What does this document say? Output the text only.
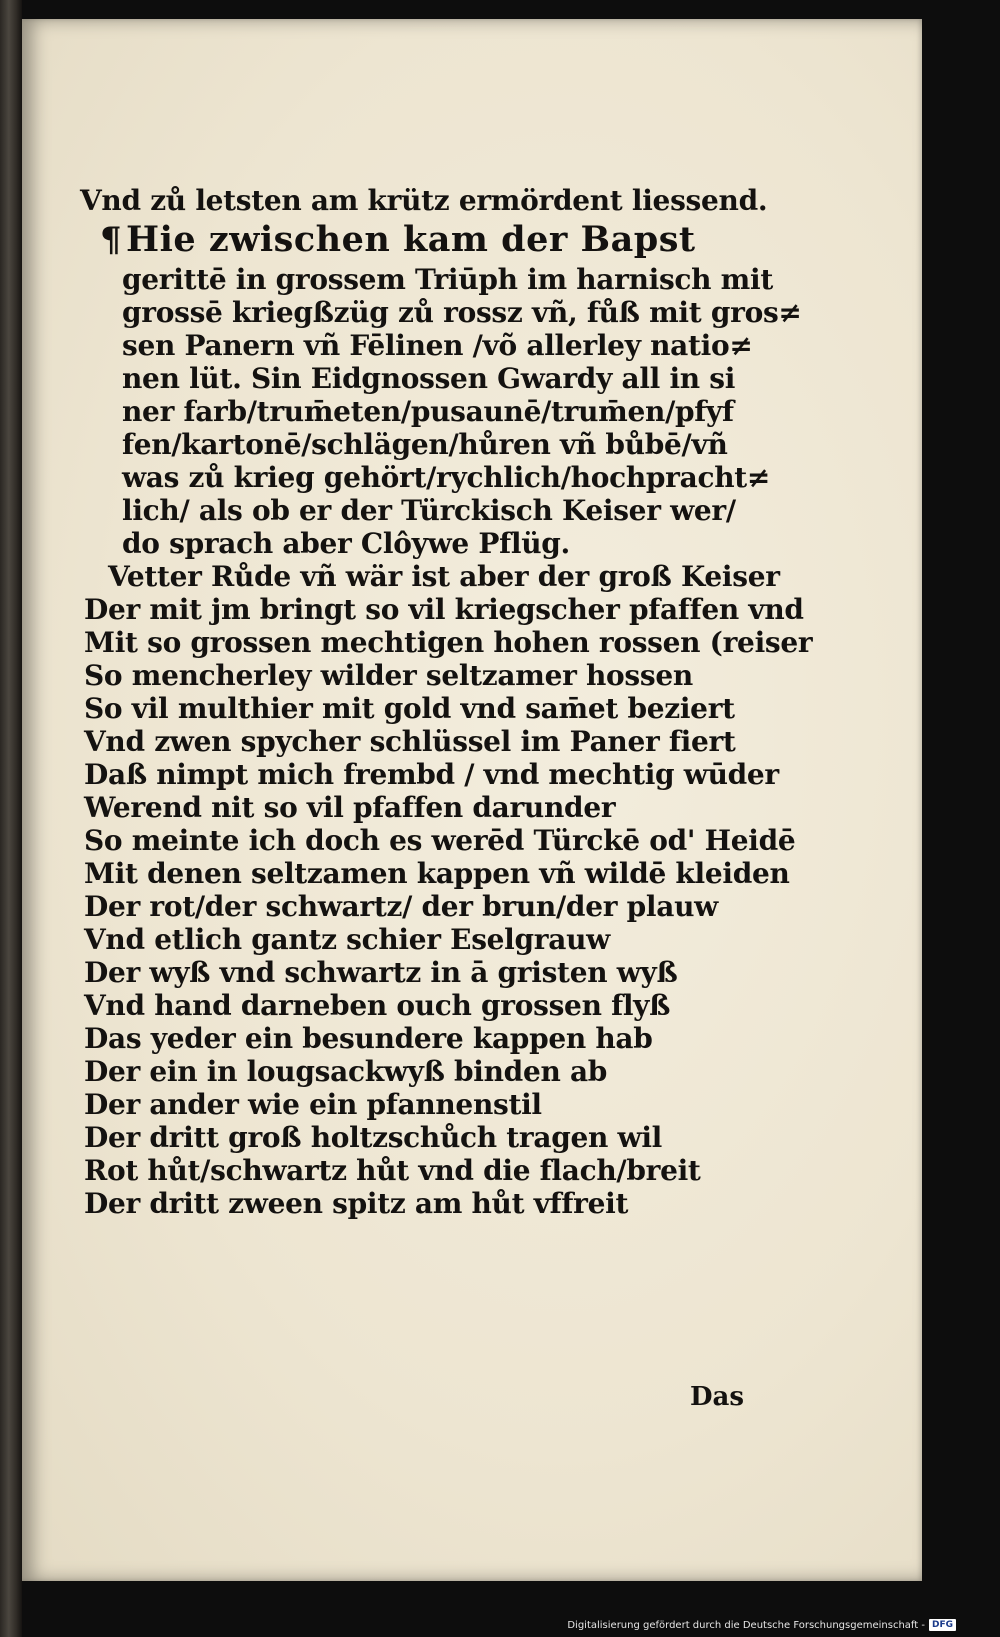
Vnd zů letsten am krütz ermördent liessend.
¶ Hie zwischen kam der Bapst
gerittē in grossem Triūph im harnisch mit
grossē kriegßzüg zů rossz vñ, fůß mit gros≠
sen Panern vñ Fēlinen /võ allerley natio≠
nen lüt. Sin Eidgnossen Gwardy all in si
ner farb/trum̄eten/pusaunē/trum̄en/pfyf
fen/kartonē/schlägen/hůren vñ bůbē/vñ
was zů krieg gehört/rychlich/hochpracht≠
lich/ als ob er der Türckisch Keiser wer/
do sprach aber Clôywe Pflüg.
Vetter Růde vñ wär ist aber der groß Keiser
Der mit jm bringt so vil kriegscher pfaffen vnd
Mit so grossen mechtigen hohen rossen (reiser
So mencherley wilder seltzamer hossen
So vil multhier mit gold vnd sam̄et beziert
Vnd zwen spycher schlüssel im Paner fiert
Daß nimpt mich frembd / vnd mechtig wūder
Werend nit so vil pfaffen darunder
So meinte ich doch es werēd Türckē od' Heidē
Mit denen seltzamen kappen vñ wildē kleiden
Der rot/der schwartz/ der brun/der plauw
Vnd etlich gantz schier Eselgrauw
Der wyß vnd schwartz in ā gristen wyß
Vnd hand darneben ouch grossen flyß
Das yeder ein besundere kappen hab
Der ein in lougsackwyß binden ab
Der ander wie ein pfannenstil
Der dritt groß holtzschůch tragen wil
Rot hůt/schwartz hůt vnd die flach/breit
Der dritt zween spitz am hůt vffreit
Das
Digitalisierung gefördert durch die Deutsche Forschungsgemeinschaft - DFG
